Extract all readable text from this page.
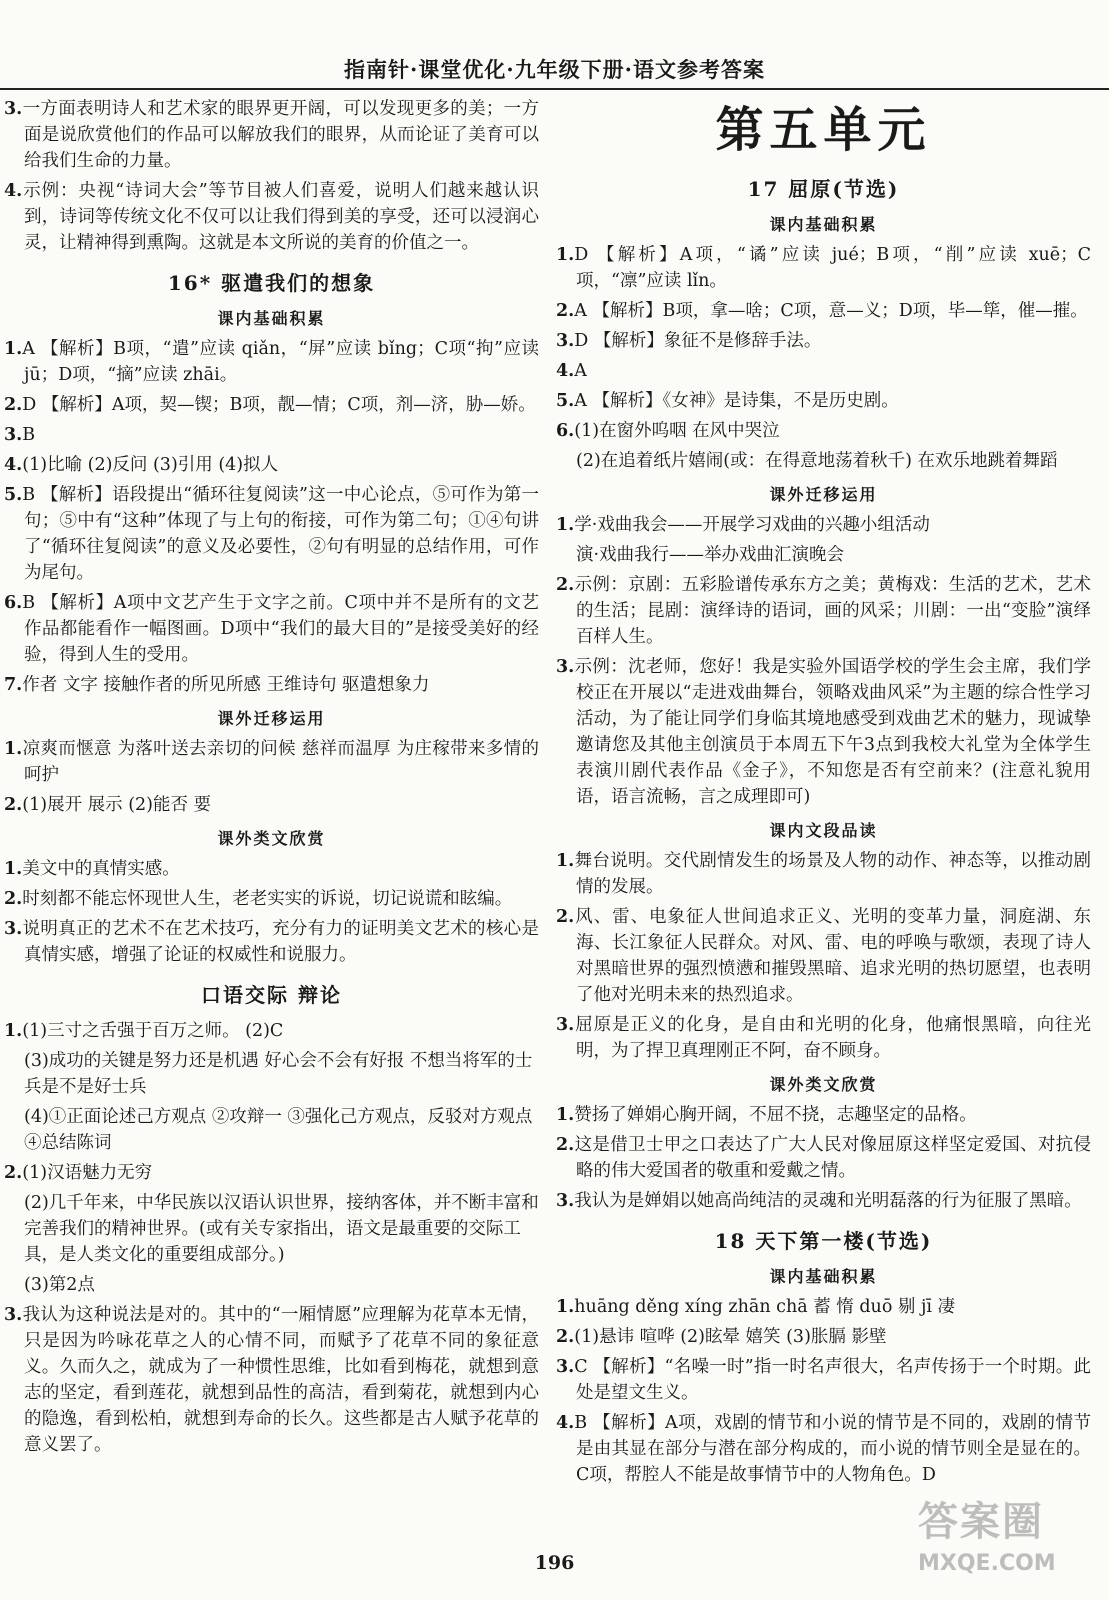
指南针·课堂优化·九年级下册·语文参考答案

3.一方面表明诗人和艺术家的眼界更开阔，可以发现更多的美；一方面是说欣赏他们的作品可以解放我们的眼界，从而论证了美育可以给我们生命的力量。

4.示例：央视“诗词大会”等节目被人们喜爱，说明人们越来越认识到，诗词等传统文化不仅可以让我们得到美的享受，还可以浸润心灵，让精神得到熏陶。这就是本文所说的美育的价值之一。

16* 驱遣我们的想象
课内基础积累

1.A 【解析】B项，“遣”应读 qiǎn，“屏”应读 bǐng；C项“拘”应读 jū；D项，“摘”应读 zhāi。

2.D 【解析】A项，契—锲；B项，靓—情；C项，剂—济，胁—娇。

3.B

4.(1)比喻 (2)反问 (3)引用 (4)拟人

5.B 【解析】语段提出“循环往复阅读”这一中心论点，⑤可作为第一句；⑤中有“这种”体现了与上句的衔接，可作为第二句；①④句讲了“循环往复阅读”的意义及必要性，②句有明显的总结作用，可作为尾句。

6.B 【解析】A项中文艺产生于文字之前。C项中并不是所有的文艺作品都能看作一幅图画。D项中“我们的最大目的”是接受美好的经验，得到人生的受用。

7.作者 文字 接触作者的所见所感 王维诗句 驱遣想象力

课外迁移运用

1.凉爽而惬意 为落叶送去亲切的问候 慈祥而温厚 为庄稼带来多情的呵护

2.(1)展开 展示 (2)能否 要

课外类文欣赏

1.美文中的真情实感。

2.时刻都不能忘怀现世人生，老老实实的诉说，切记说谎和眩编。

3.说明真正的艺术不在艺术技巧，充分有力的证明美文艺术的核心是真情实感，增强了论证的权威性和说服力。

口语交际 辩论

1.(1)三寸之舌强于百万之师。 (2)C

(3)成功的关键是努力还是机遇 好心会不会有好报 不想当将军的士兵是不是好士兵

(4)①正面论述己方观点 ②攻辩一 ③强化己方观点，反驳对方观点 ④总结陈词

2.(1)汉语魅力无穷

(2)几千年来，中华民族以汉语认识世界，接纳客体，并不断丰富和完善我们的精神世界。(或有关专家指出，语文是最重要的交际工具，是人类文化的重要组成部分。)

(3)第2点

3.我认为这种说法是对的。其中的“一厢情愿”应理解为花草本无情，只是因为吟咏花草之人的心情不同，而赋予了花草不同的象征意义。久而久之，就成为了一种惯性思维，比如看到梅花，就想到意志的坚定，看到莲花，就想到品性的高洁，看到菊花，就想到内心的隐逸，看到松柏，就想到寿命的长久。这些都是古人赋予花草的意义罢了。

第五单元
17 屈原(节选)
课内基础积累

1.D 【解析】A项，“谲”应读 jué；B项，“削”应读 xuē；C项，“凛”应读 lǐn。

2.A 【解析】B项，拿—啥；C项，意—义；D项，毕—筚，催—摧。

3.D 【解析】象征不是修辞手法。

4.A

5.A 【解析】《女神》是诗集，不是历史剧。

6.(1)在窗外呜咽 在风中哭泣

(2)在追着纸片嬉闹(或：在得意地荡着秋千) 在欢乐地跳着舞蹈

课外迁移运用

1.学·戏曲我会——开展学习戏曲的兴趣小组活动

演·戏曲我行——举办戏曲汇演晚会

2.示例：京剧：五彩脸谱传承东方之美；黄梅戏：生活的艺术，艺术的生活；昆剧：演绎诗的语词，画的风采；川剧：一出“变脸”演绎百样人生。

3.示例：沈老师，您好！我是实验外国语学校的学生会主席，我们学校正在开展以“走进戏曲舞台，领略戏曲风采”为主题的综合性学习活动，为了能让同学们身临其境地感受到戏曲艺术的魅力，现诚挚邀请您及其他主创演员于本周五下午3点到我校大礼堂为全体学生表演川剧代表作品《金子》，不知您是否有空前来？(注意礼貌用语，语言流畅，言之成理即可)

课内文段品读

1.舞台说明。交代剧情发生的场景及人物的动作、神态等，以推动剧情的发展。

2.风、雷、电象征人世间追求正义、光明的变革力量，洞庭湖、东海、长江象征人民群众。对风、雷、电的呼唤与歌颂，表现了诗人对黑暗世界的强烈愤懑和摧毁黑暗、追求光明的热切愿望，也表明了他对光明未来的热烈追求。

3.屈原是正义的化身，是自由和光明的化身，他痛恨黑暗，向往光明，为了捍卫真理刚正不阿，奋不顾身。

课外类文欣赏

1.赞扬了婵娟心胸开阔，不屈不挠，志趣坚定的品格。

2.这是借卫士甲之口表达了广大人民对像屈原这样坚定爱国、对抗侵略的伟大爱国者的敬重和爱戴之情。

3.我认为是婵娟以她高尚纯洁的灵魂和光明磊落的行为征服了黑暗。

18 天下第一楼(节选)
课内基础积累

1.huāng děng xíng zhān chā 蓄 惰 duō 剔 jī 凄

2.(1)悬讳 喧哗 (2)眩晕 嬉笑 (3)胀膈 影壁

3.C 【解析】“名噪一时”指一时名声很大，名声传扬于一个时期。此处是望文生义。

4.B 【解析】A项，戏剧的情节和小说的情节是不同的，戏剧的情节是由其显在部分与潜在部分构成的，而小说的情节则全是显在的。C项，帮腔人不能是故事情节中的人物角色。D

196
答案圈
MXQE.COM
